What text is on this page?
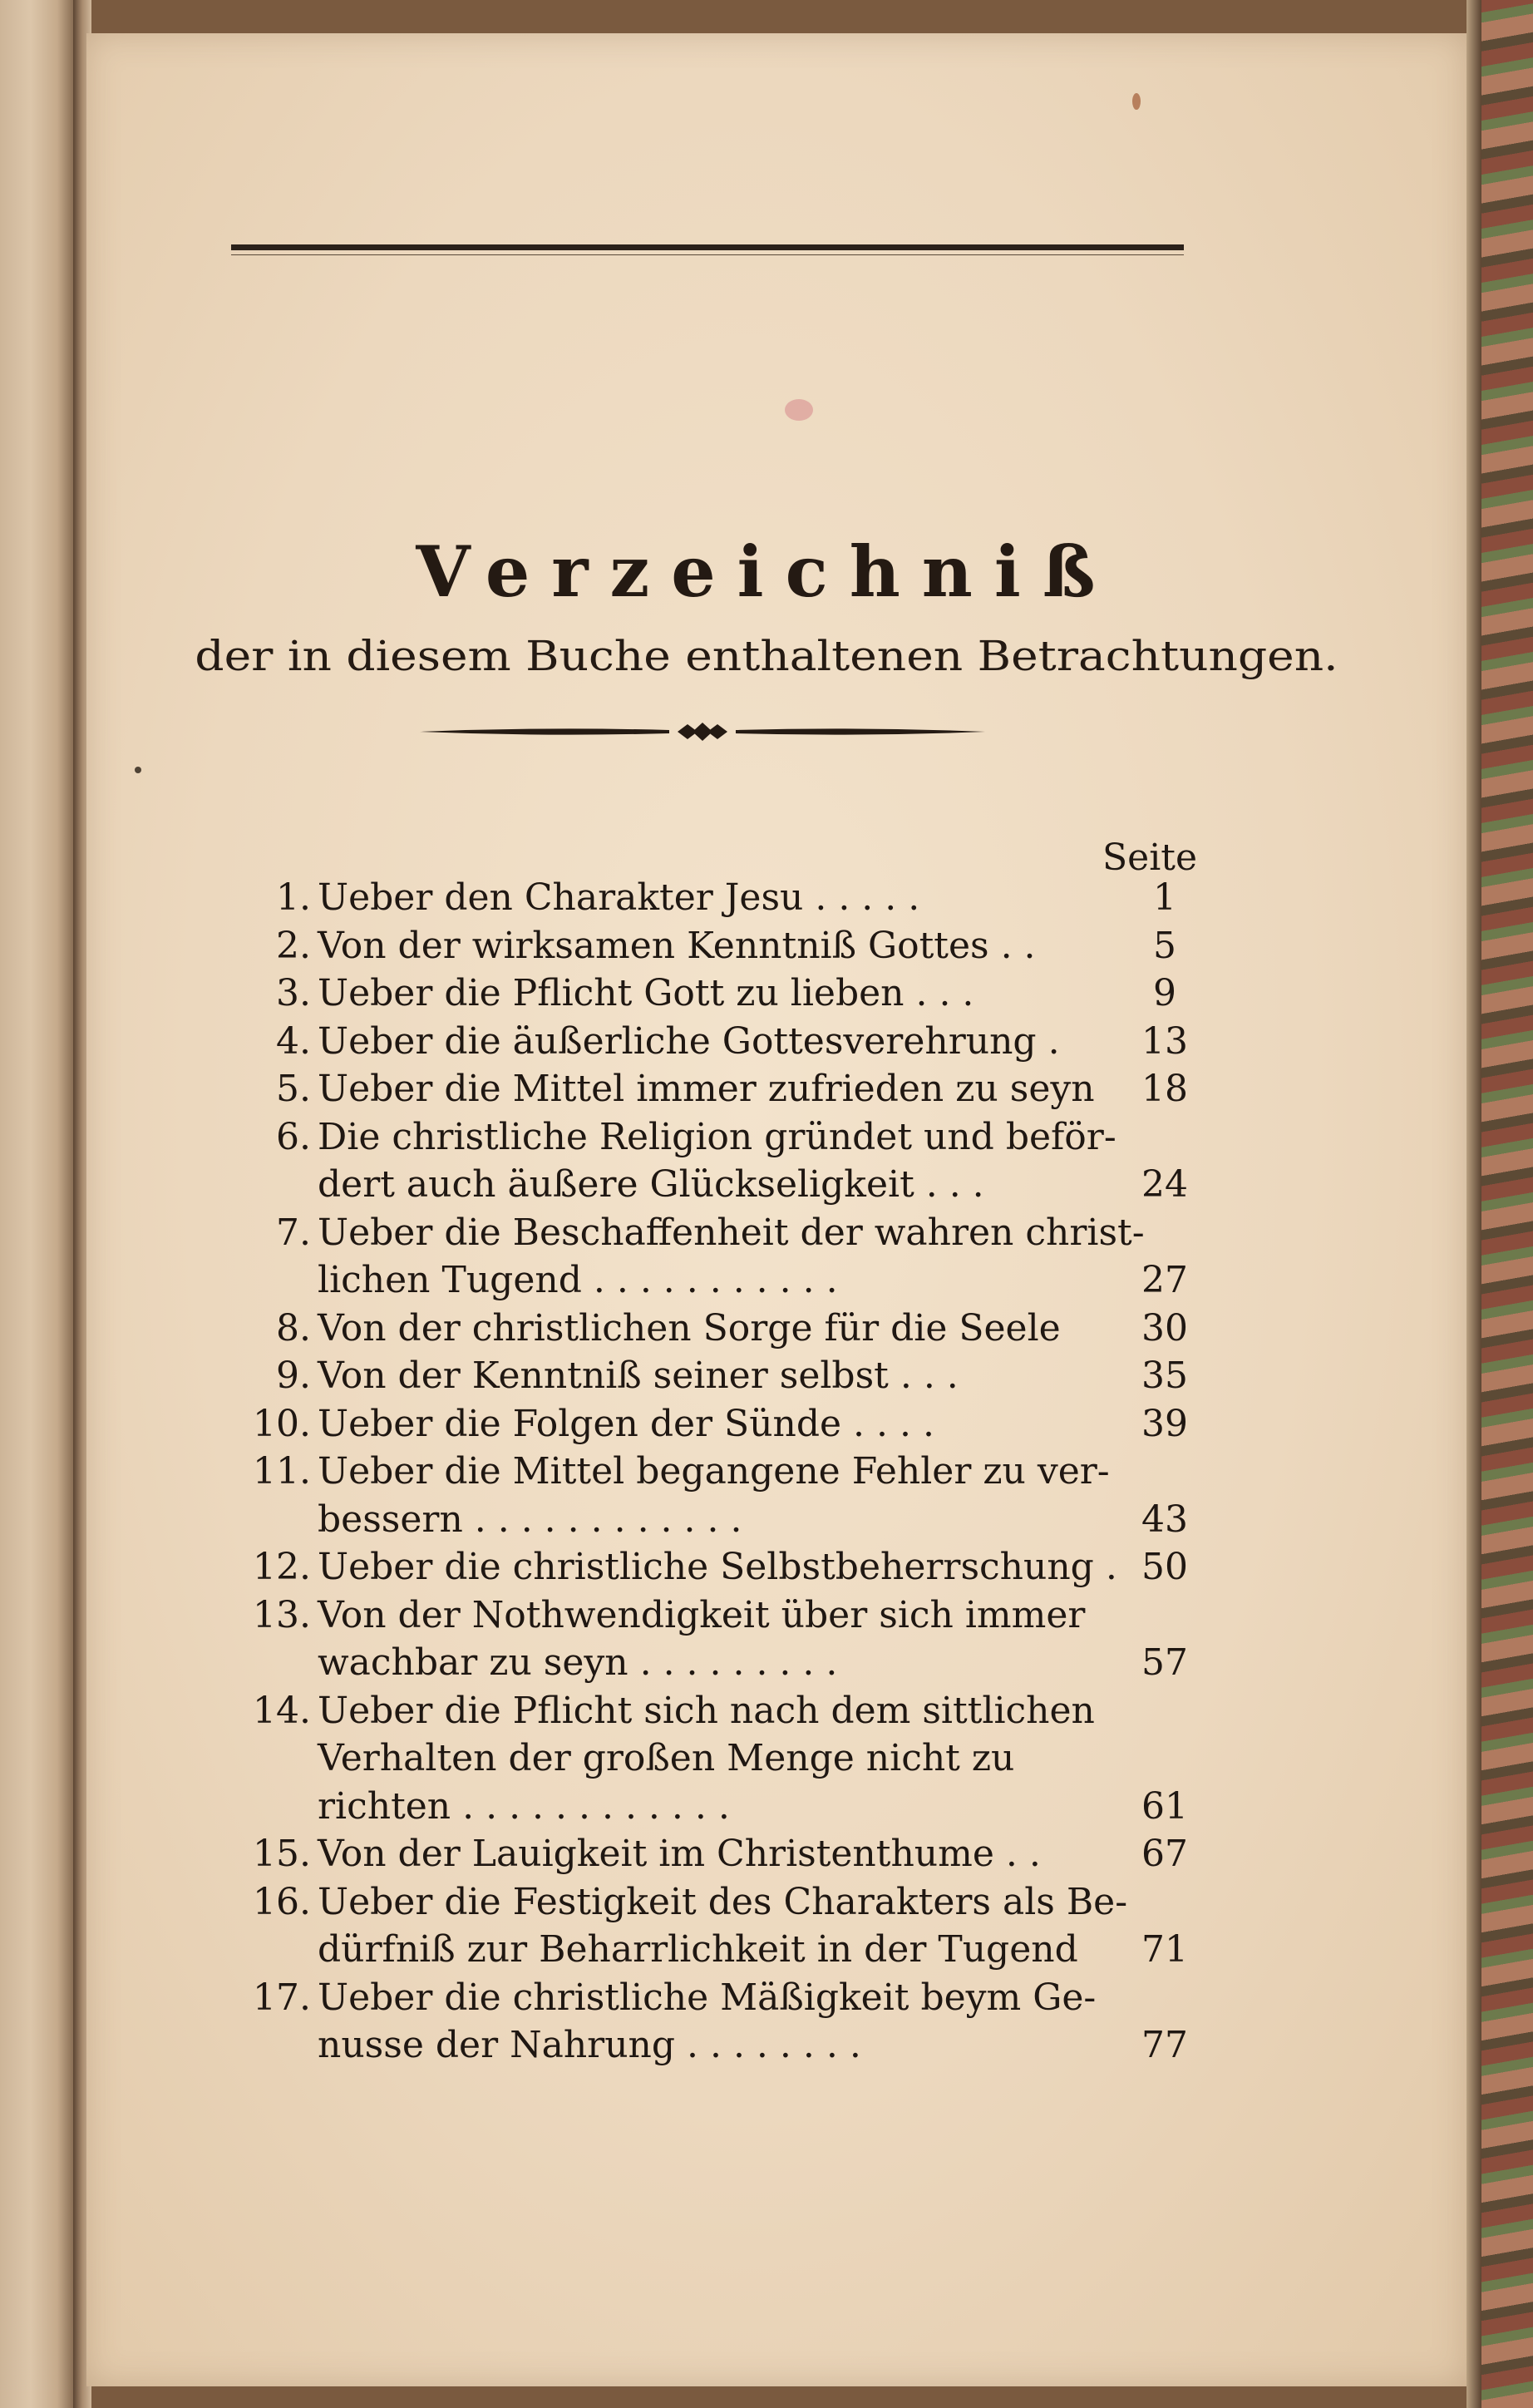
Verzeichniß
der in diesem Buche enthaltenen Betrachtungen.
Seite
1. Ueber den Charakter Jesu . . . . .	1
2. Von der wirksamen Kenntniß Gottes . .	5
3. Ueber die Pflicht Gott zu lieben . . .	9
4. Ueber die äußerliche Gottesverehrung .	13
5. Ueber die Mittel immer zufrieden zu seyn	18
6. Die christliche Religion gründet und beför-
dert auch äußere Glückseligkeit . . .	24
7. Ueber die Beschaffenheit der wahren christ-
lichen Tugend . . . . . . . . . . .	27
8. Von der christlichen Sorge für die Seele	30
9. Von der Kenntniß seiner selbst . . .	35
10. Ueber die Folgen der Sünde . . . .	39
11. Ueber die Mittel begangene Fehler zu ver-
bessern . . . . . . . . . . . .	43
12. Ueber die christliche Selbstbeherrschung . 50
13. Von der Nothwendigkeit über sich immer
wachbar zu seyn . . . . . . . . .	57
14. Ueber die Pflicht sich nach dem sittlichen
Verhalten der großen Menge nicht zu
richten . . . . . . . . . . . .	61
15. Von der Lauigkeit im Christenthume . .	67
16. Ueber die Festigkeit des Charakters als Be-
dürfniß zur Beharrlichkeit in der Tugend	71
17. Ueber die christliche Mäßigkeit beym Ge-
nusse der Nahrung . . . . . . . .	77
